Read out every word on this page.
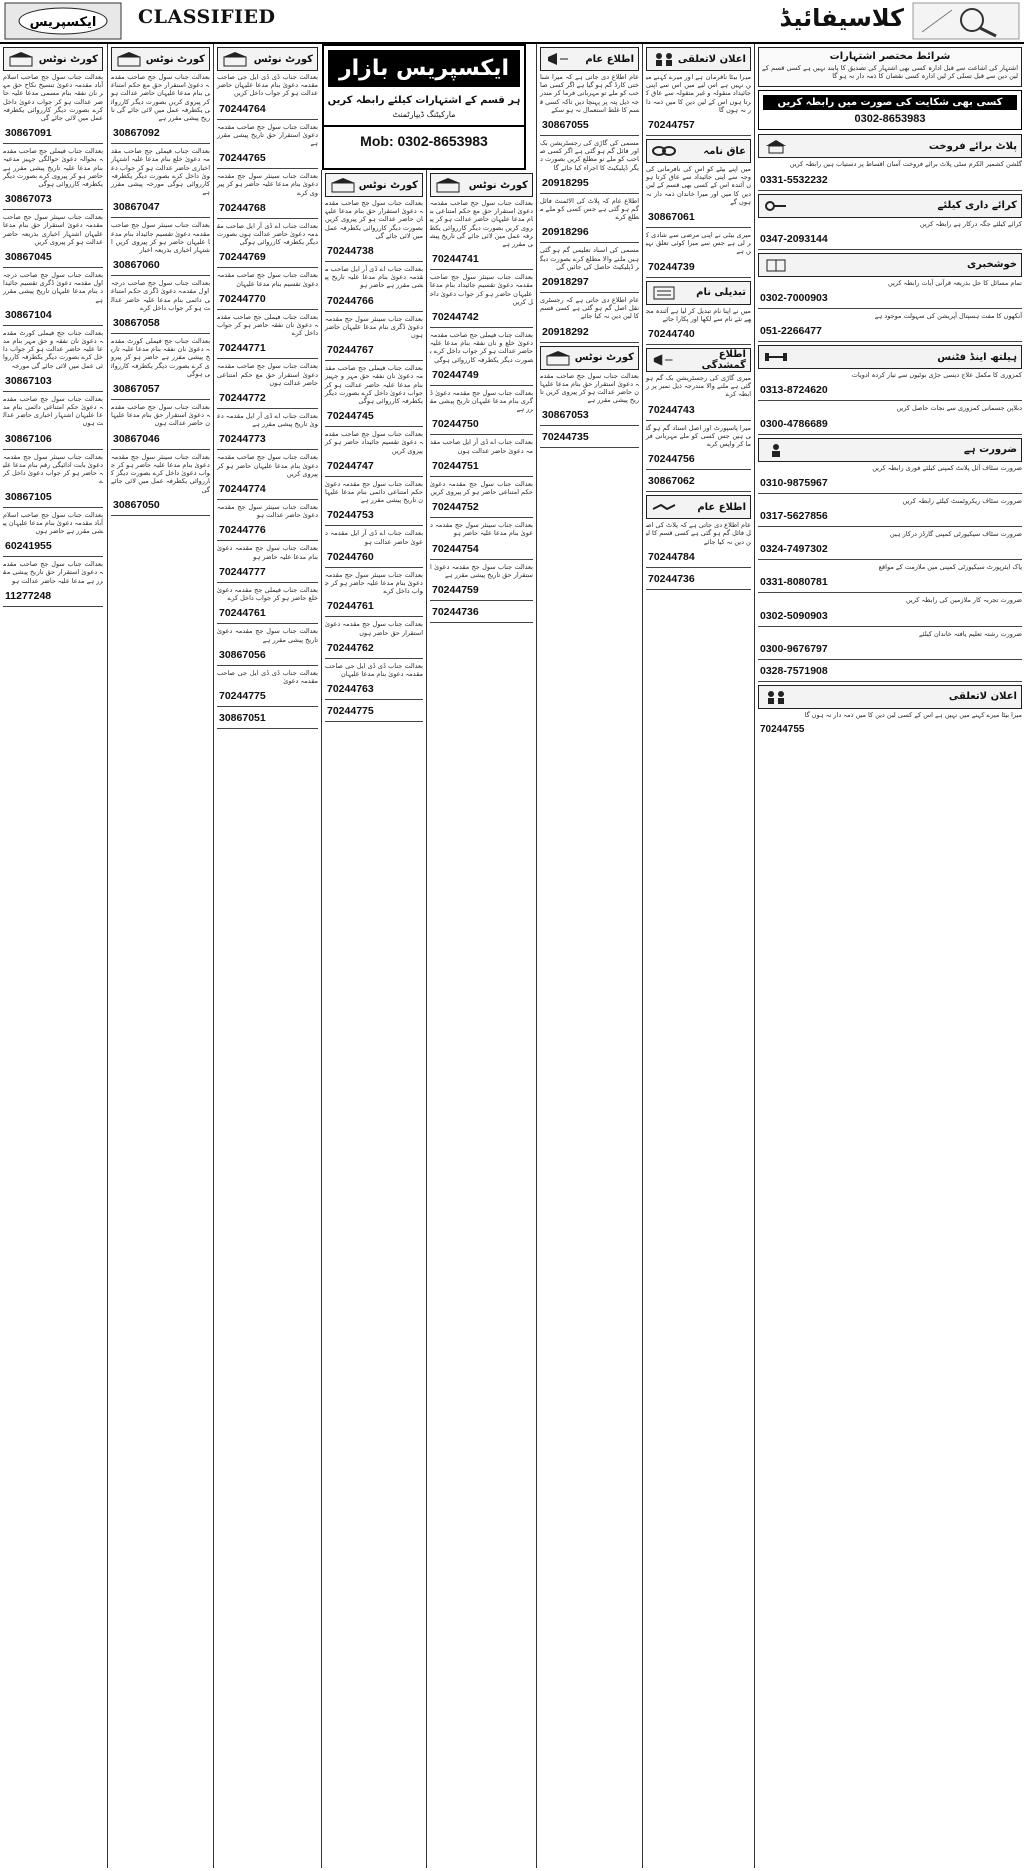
ایکسپریس CLASSIFIED	کلاسیفائیڈ
کورٹ نوٹس
بعدالت جناب سول جج صاحب اسلام آباد مقدمہ دعویٰ تنسیخ نکاح حق مہر نان نفقہ بنام مسمی مدعا علیہ حاضر عدالت ہو کر جواب دعویٰ داخل کرے بصورت دیگر کارروائی یکطرفہ عمل میں لائی جائے گی
30867091
بعدالت جناب فیملی جج صاحب مقدمہ بحوالہ دعویٰ حوالگی جہیز مدعیہ بنام مدعا علیہ تاریخ پیشی مقرر ہے حاضر ہو کر پیروی کرے بصورت دیگر یکطرفہ کارروائی ہوگی
30867073
بعدالت جناب سینئر سول جج صاحب مقدمہ دعویٰ استقرار حق بنام مدعا علیہان اشتہار اخباری بذریعہ حاضر عدالت ہو کر پیروی کریں
30867045
بعدالت جناب سول جج صاحب درجہ اول مقدمہ دعویٰ ڈگری تقسیم جائیداد بنام مدعا علیہان تاریخ پیشی مقرر ہے
30867104
بعدالت جناب جج فیملی کورٹ مقدمہ دعویٰ نان نفقہ و حق مہر بنام مدعا علیہ حاضر عدالت ہو کر جواب داخل کرے بصورت دیگر یکطرفہ کارروائی عمل میں لائی جائے گی مورخہ
30867103
بعدالت جناب سول جج صاحب مقدمہ دعویٰ حکم امتناعی دائمی بنام مدعا علیہان اشتہار اخباری حاضر عدالت ہوں
30867106
بعدالت جناب سینئر سول جج مقدمہ دعویٰ بابت ادائیگی رقم بنام مدعا علیہ حاضر ہو کر جواب دعویٰ داخل کرے
30867105
بعدالت جناب سول جج صاحب اسلام آباد مقدمہ دعویٰ بنام مدعا علیہان پیشی مقرر ہے حاضر ہوں
60241955
بعدالت جناب سول جج صاحب مقدمہ دعویٰ استقرار حق تاریخ پیشی مقرر ہے مدعا علیہ حاضر عدالت ہو
11277248
کورٹ نوٹس
بعدالت جناب سول جج صاحب مقدمہ دعویٰ استقرار حق مع حکم امتناعی بنام مدعا علیہان حاضر عدالت ہو کر پیروی کریں بصورت دیگر کارروائی یکطرفہ عمل میں لائی جائے گی تاریخ پیشی مقرر ہے
30867092
بعدالت جناب فیملی جج صاحب مقدمہ دعویٰ خلع بنام مدعا علیہ اشتہار اخباری حاضر عدالت ہو کر جواب دعویٰ داخل کرے بصورت دیگر یکطرفہ کارروائی ہوگی مورخہ پیشی مقرر ہے
30867047
بعدالت جناب سینئر سول جج صاحب مقدمہ دعویٰ تقسیم جائیداد بنام مدعا علیہان حاضر ہو کر پیروی کریں اشتہار اخباری بذریعہ اخبار
30867060
بعدالت جناب سول جج صاحب درجہ اول مقدمہ دعویٰ ڈگری حکم امتناعی دائمی بنام مدعا علیہ حاضر عدالت ہو کر جواب داخل کرے
30867058
بعدالت جناب جج فیملی کورٹ مقدمہ دعویٰ نان نفقہ بنام مدعا علیہ تاریخ پیشی مقرر ہے حاضر ہو کر پیروی کرے بصورت دیگر یکطرفہ کارروائی ہوگی
30867057
بعدالت جناب سول جج صاحب مقدمہ دعویٰ استقرار حق بنام مدعا علیہان حاضر عدالت ہوں
30867046
بعدالت جناب سینئر سول جج مقدمہ دعویٰ بنام مدعا علیہ حاضر ہو کر جواب دعویٰ داخل کرے بصورت دیگر کارروائی یکطرفہ عمل میں لائی جائے گی
30867050
کورٹ نوٹس
بعدالت جناب ڈی ڈی ایل جی صاحب مقدمہ دعویٰ بنام مدعا علیہان حاضر عدالت ہو کر جواب داخل کریں
70244764
بعدالت جناب سول جج صاحب مقدمہ دعویٰ استقرار حق تاریخ پیشی مقرر ہے
70244765
بعدالت جناب سینئر سول جج مقدمہ دعویٰ بنام مدعا علیہ حاضر ہو کر پیروی کرے
70244768
بعدالت جناب اے ڈی آر ایل صاحب مقدمہ دعویٰ حاضر عدالت ہوں بصورت دیگر یکطرفہ کارروائی ہوگی
70244769
بعدالت جناب سول جج صاحب مقدمہ دعویٰ تقسیم بنام مدعا علیہان
70244770
بعدالت جناب فیملی جج صاحب مقدمہ دعویٰ نان نفقہ حاضر ہو کر جواب داخل کرے
70244771
بعدالت جناب سول جج صاحب مقدمہ دعویٰ استقرار حق مع حکم امتناعی حاضر عدالت ہوں
70244772
بعدالت جناب اے ڈی آر ایل مقدمہ دعویٰ تاریخ پیشی مقرر ہے
70244773
بعدالت جناب سول جج صاحب مقدمہ دعویٰ بنام مدعا علیہان حاضر ہو کر پیروی کریں
70244774
بعدالت جناب سینئر سول جج مقدمہ دعویٰ حاضر عدالت ہو
70244776
بعدالت جناب سول جج مقدمہ دعویٰ بنام مدعا علیہ حاضر ہو
70244777
بعدالت جناب فیملی جج مقدمہ دعویٰ خلع حاضر ہو کر جواب داخل کرے
70244761
بعدالت جناب سول جج مقدمہ دعویٰ تاریخ پیشی مقرر ہے
30867056
بعدالت جناب ڈی ڈی ایل جی صاحب مقدمہ دعویٰ
70244775
30867051
ایکسپریس بازار
ہر قسم کے اشتہارات کیلئے رابطہ کریں
مارکیٹنگ ڈیپارٹمنٹ
Mob: 0302-8653983
کورٹ نوٹس
بعدالت جناب سول جج صاحب مقدمہ دعویٰ استقرار حق بنام مدعا علیہان حاضر عدالت ہو کر پیروی کریں بصورت دیگر کارروائی یکطرفہ عمل میں لائی جائے گی
70244738
بعدالت جناب اے ڈی آر ایل صاحب مقدمہ دعویٰ بنام مدعا علیہ تاریخ پیشی مقرر ہے حاضر ہو
70244766
بعدالت جناب سینئر سول جج مقدمہ دعویٰ ڈگری بنام مدعا علیہان حاضر ہوں
70244767
بعدالت جناب فیملی جج صاحب مقدمہ دعویٰ نان نفقہ حق مہر و جہیز بنام مدعا علیہ حاضر عدالت ہو کر جواب دعویٰ داخل کرے بصورت دیگر یکطرفہ کارروائی ہوگی
70244745
بعدالت جناب سول جج صاحب مقدمہ دعویٰ تقسیم جائیداد حاضر ہو کر پیروی کریں
70244747
بعدالت جناب سول جج مقدمہ دعویٰ حکم امتناعی دائمی بنام مدعا علیہان تاریخ پیشی مقرر ہے
70244753
بعدالت جناب اے ڈی آر ایل مقدمہ دعویٰ حاضر عدالت ہو
70244760
بعدالت جناب سینئر سول جج مقدمہ دعویٰ بنام مدعا علیہ حاضر ہو کر جواب داخل کرے
70244761
بعدالت جناب سول جج مقدمہ دعویٰ استقرار حق حاضر ہوں
70244762
بعدالت جناب ڈی ڈی ایل جی صاحب مقدمہ دعویٰ بنام مدعا علیہان
70244763
70244775
کورٹ نوٹس
بعدالت جناب سول جج صاحب مقدمہ دعویٰ استقرار حق مع حکم امتناعی بنام مدعا علیہان حاضر عدالت ہو کر پیروی کریں بصورت دیگر کارروائی یکطرفہ عمل میں لائی جائے گی تاریخ پیشی مقرر ہے
70244741
بعدالت جناب سینئر سول جج صاحب مقدمہ دعویٰ تقسیم جائیداد بنام مدعا علیہان حاضر ہو کر جواب دعویٰ داخل کریں
70244742
بعدالت جناب فیملی جج صاحب مقدمہ دعویٰ خلع و نان نفقہ بنام مدعا علیہ حاضر عدالت ہو کر جواب داخل کرے بصورت دیگر یکطرفہ کارروائی ہوگی
70244749
بعدالت جناب سول جج مقدمہ دعویٰ ڈگری بنام مدعا علیہان تاریخ پیشی مقرر ہے
70244750
بعدالت جناب اے ڈی آر ایل صاحب مقدمہ دعویٰ حاضر عدالت ہوں
70244751
بعدالت جناب سول جج مقدمہ دعویٰ حکم امتناعی حاضر ہو کر پیروی کریں
70244752
بعدالت جناب سینئر سول جج مقدمہ دعویٰ بنام مدعا علیہ حاضر ہو
70244754
بعدالت جناب سول جج مقدمہ دعویٰ استقرار حق تاریخ پیشی مقرر ہے
70244759
70244736
اطلاع عام
عام اطلاع دی جاتی ہے کہ میرا شناختی کارڈ گم ہو گیا ہے اگر کسی صاحب کو ملے تو مہربانی فرما کر مندرجہ ذیل پتہ پر پہنچا دیں تاکہ کسی قسم کا غلط استعمال نہ ہو سکے
30867055
مسمی کی گاڑی کی رجسٹریشن بک اور فائل گم ہو گئی ہے اگر کسی صاحب کو ملے تو مطلع کریں بصورت دیگر ڈپلیکیٹ کا اجراء کیا جائے گا
20918295
اطلاع عام کہ پلاٹ کی الاٹمنٹ فائل گم ہو گئی ہے جس کسی کو ملے مطلع کرے
20918296
مسمی کی اسناد تعلیمی گم ہو گئی ہیں ملنے والا مطلع کرے بصورت دیگر ڈپلیکیٹ حاصل کی جائیں گی
20918297
عام اطلاع دی جاتی ہے کہ رجسٹری نقل اصل گم ہو گئی ہے کسی قسم کا لین دین نہ کیا جائے
20918292
کورٹ نوٹس
بعدالت جناب سول جج صاحب مقدمہ دعویٰ استقرار حق بنام مدعا علیہان حاضر عدالت ہو کر پیروی کریں تاریخ پیشی مقرر ہے
30867053
70244735
اعلان لاتعلقی
میرا بیٹا نافرمان ہے اور میرے کہنے میں نہیں ہے اس لیے میں اس سے اپنی جائیداد منقولہ و غیر منقولہ سے عاق کرتا ہوں اس کے لین دین کا میں ذمہ دار نہ ہوں گا
70244757
عاق نامہ
میں اپنے بیٹے کو اس کی نافرمانی کی وجہ سے اپنی جائیداد سے عاق کرتا ہوں آئندہ اس کے کسی بھی قسم کے لین دین کا میں اور میرا خاندان ذمہ دار نہ ہوں گے
30867061
میری بیٹی نے اپنی مرضی سے شادی کر لی ہے جس سے میرا کوئی تعلق نہیں ہے
70244739
تبدیلی نام
میں نے اپنا نام تبدیل کر لیا ہے آئندہ مجھے نئے نام سے لکھا اور پکارا جائے
70244740
اطلاع گمشدگی
میری گاڑی کی رجسٹریشن بک گم ہو گئی ہے ملنے والا مندرجہ ذیل نمبر پر رابطہ کرے
70244743
میرا پاسپورٹ اور اصل اسناد گم ہو گئی ہیں جس کسی کو ملے مہربانی فرما کر واپس کرے
70244756
30867062
اطلاع عام
عام اطلاع دی جاتی ہے کہ پلاٹ کی اصل فائل گم ہو گئی ہے کسی قسم کا لین دین نہ کیا جائے
70244784
70244736
شرائط مختصر اشتہارات
اشتہار کی اشاعت سے قبل ادارہ کسی بھی اشتہار کی تصدیق کا پابند نہیں ہے کسی قسم کے لین دین سے قبل تسلی کر لیں ادارہ کسی نقصان کا ذمہ دار نہ ہو گا
کسی بھی شکایت کی صورت میں رابطہ کریں
0302-8653983
پلاٹ برائے فروخت
گلشن کشمیر الکرم سٹی پلاٹ برائے فروخت آسان اقساط پر دستیاب ہیں رابطہ کریں
0331-5532232
کرائے داری کیلئے
کرائے کیلئے جگہ درکار ہے رابطہ کریں
0347-2093144
خوشخبری
تمام مسائل کا حل بذریعہ قرآنی آیات رابطہ کریں
0302-7000903
آنکھوں کا مفت ہسپتال آپریشن کی سہولت موجود ہے
051-2266477
ہیلتھ اینڈ فٹنس
کمزوری کا مکمل علاج دیسی جڑی بوٹیوں سے تیار کردہ ادویات
0313-8724620
دبلاپن جسمانی کمزوری سے نجات حاصل کریں
0300-4786689
ضرورت ہے
ضرورت سٹاف آئل پلانٹ کمپنی کیلئے فوری رابطہ کریں
0310-9875967
ضرورت سٹاف ریکروٹمنٹ کیلئے رابطہ کریں
0317-5627856
ضرورت سٹاف سیکیورٹی کمپنی گارڈز درکار ہیں
0324-7497302
پاک ایئرپورٹ سیکیورٹی کمپنی میں ملازمت کے مواقع
0331-8080781
ضرورت تجربہ کار ملازمین کی رابطہ کریں
0302-5090903
ضرورت رشتہ تعلیم یافتہ خاندان کیلئے
0300-9676797
0328-7571908
اعلان لاتعلقی
میرا بیٹا میرے کہنے میں نہیں ہے اس کے کسی لین دین کا میں ذمہ دار نہ ہوں گا
70244755
